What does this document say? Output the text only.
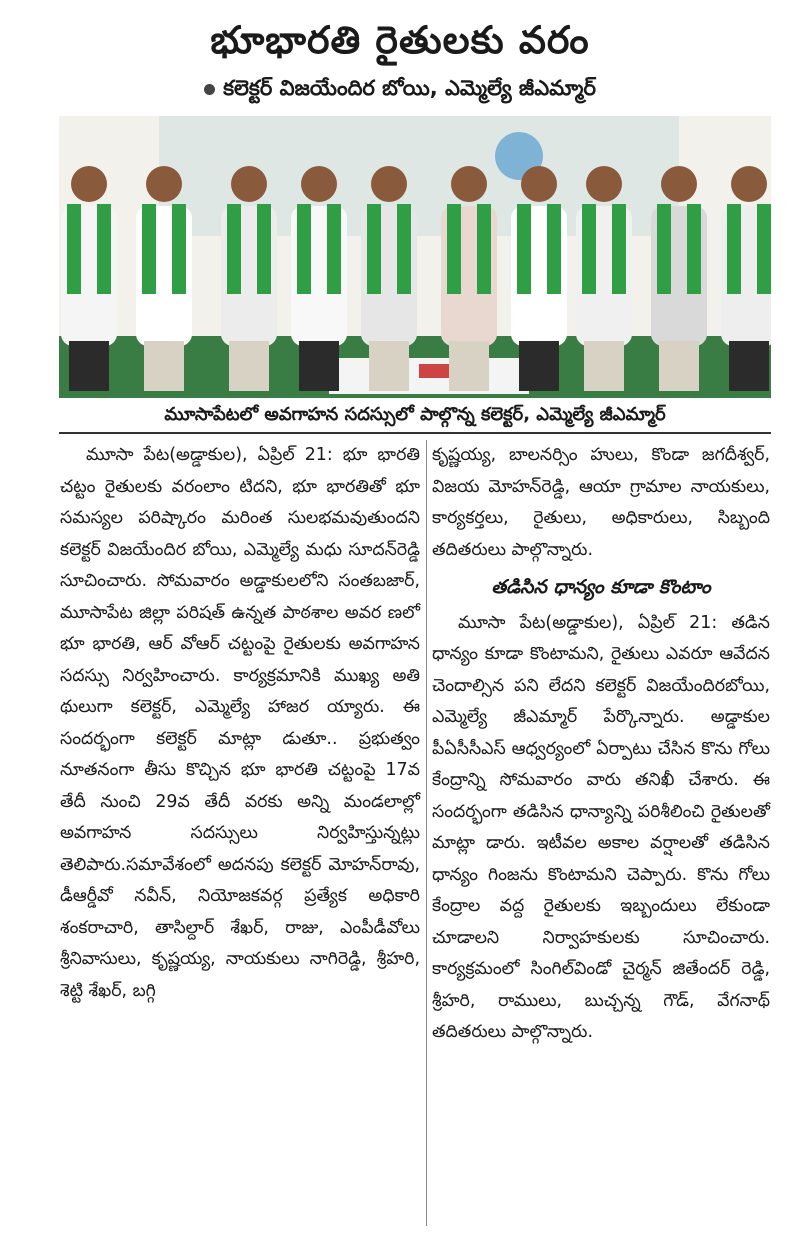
భూభారతి రైతులకు వరం
కలెక్టర్ విజయేందిర బోయి, ఎమ్మెల్యే జీఎమ్మార్
మూసాపేటలో అవగాహన సదస్సులో పాల్గొన్న కలెక్టర్, ఎమ్మెల్యే జీఎమ్మార్

మూసా పేట(అడ్డాకుల), ఏప్రిల్ 21: భూ భారతి చట్టం రైతులకు వరంలాం టిదని, భూ భారతితో భూ సమస్యల పరిష్కారం మరింత సులభమవుతుందని కలెక్టర్ విజయేందిర బోయి, ఎమ్మెల్యే మధు సూదన్‌రెడ్డి సూచించారు. సోమవారం అడ్డాకులలోని సంతబజార్, మూసాపేట జిల్లా పరిషత్ ఉన్నత పాఠశాల అవర ణలో భూ భారతి, ఆర్ వోఆర్ చట్టంపై రైతులకు అవగాహన సదస్సు నిర్వహించారు. కార్యక్రమానికి ముఖ్య అతి థులుగా కలెక్టర్, ఎమ్మెల్యే హాజర య్యారు. ఈ సందర్భంగా కలెక్టర్ మాట్లా డుతూ.. ప్రభుత్వం నూతనంగా తీసు కొచ్చిన భూ భారతి చట్టంపై 17వ తేదీ నుంచి 29వ తేదీ వరకు అన్ని మండలాల్లో అవగాహన సదస్సులు నిర్వహిస్తున్నట్లు తెలిపారు.సమావేశంలో అదనపు కలెక్టర్ మోహన్‌రావు, డీఆర్డీవో నవీన్, నియోజకవర్గ ప్రత్యేక అధికారి శంకరాచారి, తాసిల్దార్ శేఖర్, రాజు, ఎంపీడీవోలు శ్రీనివాసులు, కృష్ణయ్య, నాయకులు నాగిరెడ్డి, శ్రీహరి, శెట్టి శేఖర్, బగ్గి

కృష్ణయ్య, బాలనర్సిం హులు, కొండా జగదీశ్వర్, విజయ మోహన్‌రెడ్డి, ఆయా గ్రామాల నాయకులు, కార్యకర్తలు, రైతులు, అధికారులు, సిబ్బంది తదితరులు పాల్గొన్నారు.

తడిసిన ధాన్యం కూడా కొంటాం

మూసా పేట(అడ్డాకుల), ఏప్రిల్ 21: తడిన ధాన్యం కూడా కొంటామని, రైతులు ఎవరూ ఆవేదన చెందాల్సిన పని లేదని కలెక్టర్ విజయేందిరబోయి, ఎమ్మెల్యే జీఎమ్మార్ పేర్కొన్నారు. అడ్డాకుల పీఏసీసీఎస్ ఆధ్వర్యంలో ఏర్పాటు చేసిన కొను గోలు కేంద్రాన్ని సోమవారం వారు తనిఖీ చేశారు. ఈ సందర్భంగా తడిసిన ధాన్యాన్ని పరిశీలించి రైతులతో మాట్లా డారు. ఇటీవల అకాల వర్షాలతో తడిసిన ధాన్యం గింజను కొంటామని చెప్పారు. కొను గోలు కేంద్రాల వద్ద రైతులకు ఇబ్బందులు లేకుండా చూడాలని నిర్వాహకులకు సూచించారు. కార్యక్రమంలో సింగిల్‌విండో చైర్మన్ జితేందర్ రెడ్డి, శ్రీహరి, రాములు, బుచ్చన్న గౌడ్, వేగనాథ్ తదితరులు పాల్గొన్నారు.
